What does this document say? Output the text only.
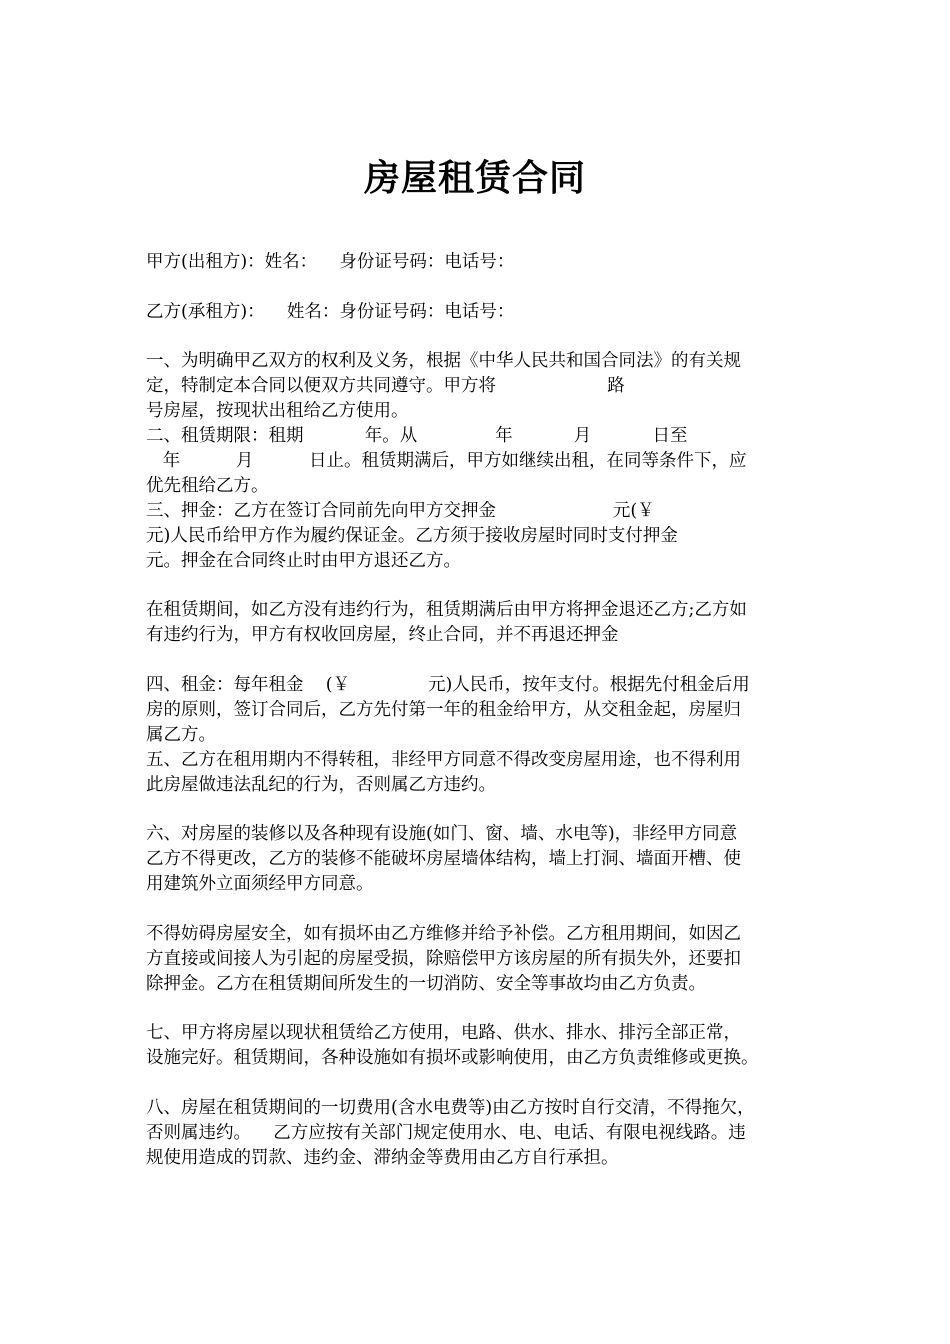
房屋租赁合同
甲方(出租方)：姓名：    身份证号码：电话号：
乙方(承租方)：    姓名：身份证号码：电话号：
一、为明确甲乙双方的权利及义务，根据《中华人民共和国合同法》的有关规
定，特制定本合同以便双方共同遵守。甲方将                    路
号房屋，按现状出租给乙方使用。
二、租赁期限：租期           年。从              年           月           日至
年          月          日止。租赁期满后，甲方如继续出租，在同等条件下，应
优先租给乙方。
三、押金：乙方在签订合同前先向甲方交押金                     元(￥
元)人民币给甲方作为履约保证金。乙方须于接收房屋时同时支付押金
元。押金在合同终止时由甲方退还乙方。
在租赁期间，如乙方没有违约行为，租赁期满后由甲方将押金退还乙方;乙方如
有违约行为，甲方有权收回房屋，终止合同，并不再退还押金
四、租金：每年租金    (￥              元)人民币，按年支付。根据先付租金后用
房的原则，签订合同后，乙方先付第一年的租金给甲方，从交租金起，房屋归
属乙方。
五、乙方在租用期内不得转租，非经甲方同意不得改变房屋用途，也不得利用
此房屋做违法乱纪的行为，否则属乙方违约。
六、对房屋的装修以及各种现有设施(如门、窗、墙、水电等)，非经甲方同意
乙方不得更改，乙方的装修不能破坏房屋墙体结构，墙上打洞、墙面开槽、使
用建筑外立面须经甲方同意。
不得妨碍房屋安全，如有损坏由乙方维修并给予补偿。乙方租用期间，如因乙
方直接或间接人为引起的房屋受损，除赔偿甲方该房屋的所有损失外，还要扣
除押金。乙方在租赁期间所发生的一切消防、安全等事故均由乙方负责。
七、甲方将房屋以现状租赁给乙方使用，电路、供水、排水、排污全部正常，
设施完好。租赁期间，各种设施如有损坏或影响使用，由乙方负责维修或更换。
八、房屋在租赁期间的一切费用(含水电费等)由乙方按时自行交清，不得拖欠，
否则属违约。    乙方应按有关部门规定使用水、电、电话、有限电视线路。违
规使用造成的罚款、违约金、滞纳金等费用由乙方自行承担。
